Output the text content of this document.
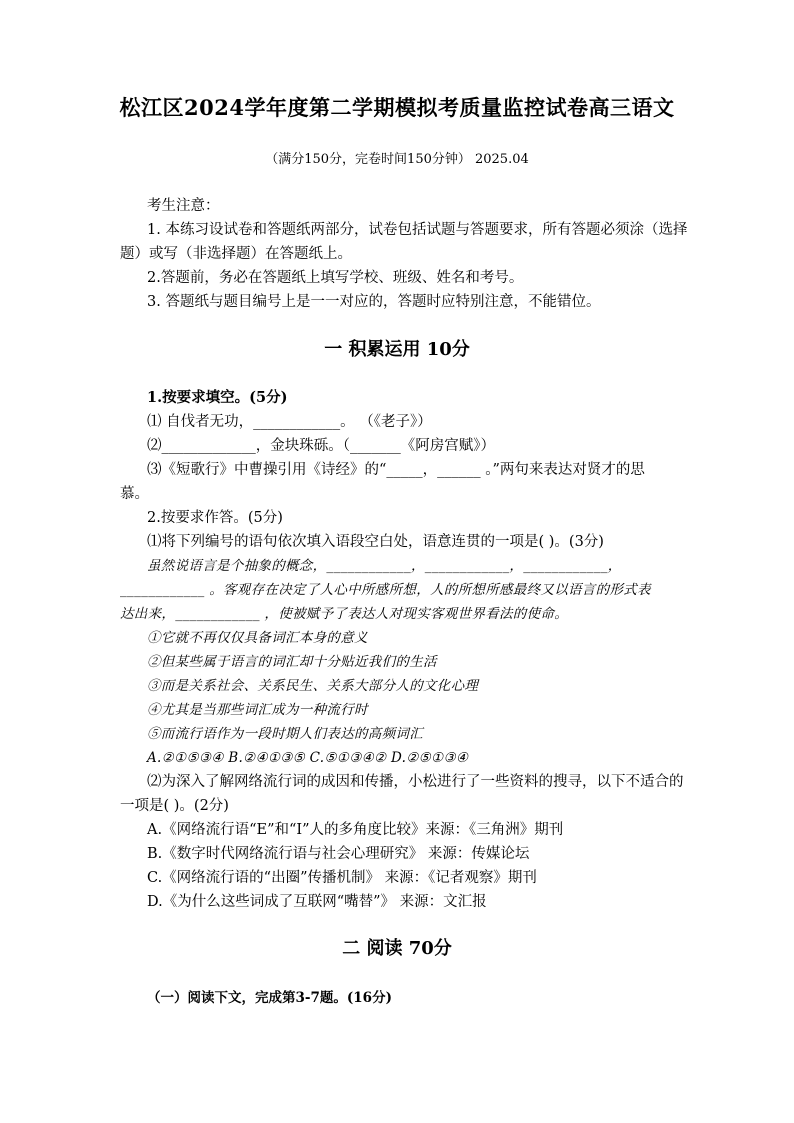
松江区2024学年度第二学期模拟考质量监控试卷高三语文
（满分150分，完卷时间150分钟） 2025.04
考生注意：
1. 本练习设试卷和答题纸两部分，试卷包括试题与答题要求，所有答题必须涂（选择
题）或写（非选择题）在答题纸上。
2.答题前，务必在答题纸上填写学校、班级、姓名和考号。
3. 答题纸与题目编号上是一一对应的，答题时应特别注意，不能错位。
一 积累运用 10分
1.按要求填空。(5分)
⑴ 自伐者无功，____________。 （《老子》）
⑵_____________，金块珠砾。（_______《阿房宫赋》）
⑶《短歌行》中曹操引用《诗经》的“_____，______ 。”两句来表达对贤才的思
慕。
2.按要求作答。(5分)
⑴将下列编号的语句依次填入语段空白处，语意连贯的一项是( )。(3分)
虽然说语言是个抽象的概念，____________，____________，____________，
____________ 。客观存在决定了人心中所感所想，人的所想所感最终又以语言的形式表
达出来，____________ ，使被赋予了表达人对现实客观世界看法的使命。
①它就不再仅仅具备词汇本身的意义
②但某些属于语言的词汇却十分贴近我们的生活
③而是关系社会、关系民生、关系大部分人的文化心理
④尤其是当那些词汇成为一种流行时
⑤而流行语作为一段时期人们表达的高频词汇
A.②①⑤③④ B.②④①③⑤ C.⑤①③④② D.②⑤①③④
⑵为深入了解网络流行词的成因和传播，小松进行了一些资料的搜寻，以下不适合的
一项是( )。(2分)
A.《网络流行语“E”和“I”人的多角度比较》来源：《三角洲》期刊
B.《数字时代网络流行语与社会心理研究》 来源：传媒论坛
C.《网络流行语的“出圈”传播机制》 来源：《记者观察》期刊
D.《为什么这些词成了互联网“嘴替”》 来源：文汇报
二 阅读 70分
（一）阅读下文，完成第3-7题。(16分)
